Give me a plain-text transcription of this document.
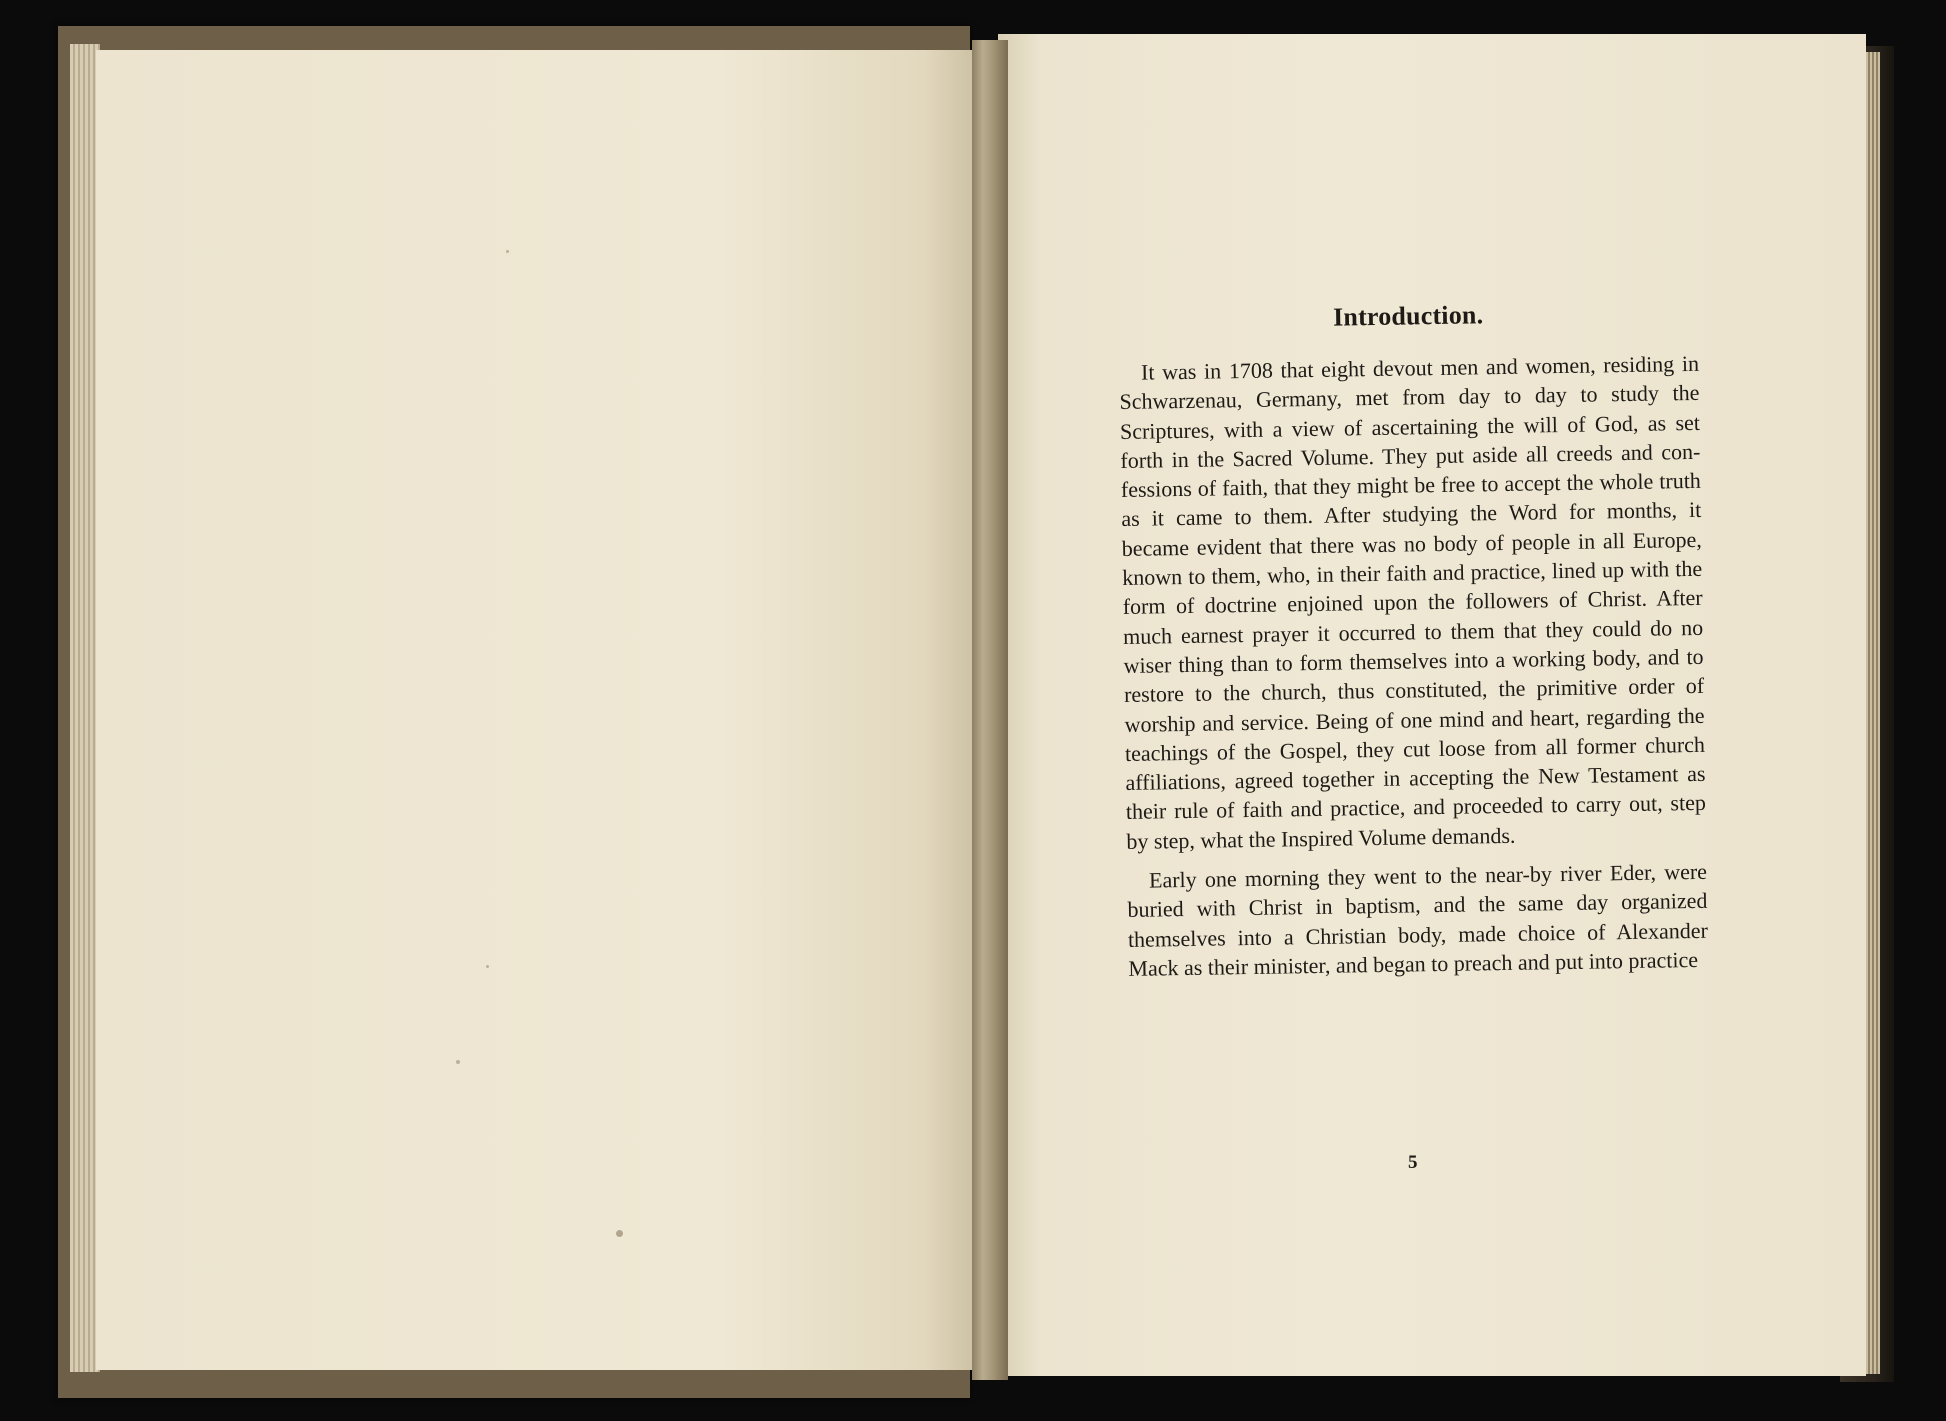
Introduction.

It was in 1708 that eight devout men and women, residing in Schwarzenau, Germany, met from day to day to study the Scriptures, with a view of ascertaining the will of God, as set forth in the Sacred Volume. They put aside all creeds and confessions of faith, that they might be free to accept the whole truth as it came to them. After studying the Word for months, it became evident that there was no body of people in all Europe, known to them, who, in their faith and practice, lined up with the form of doctrine enjoined upon the followers of Christ. After much earnest prayer it occurred to them that they could do no wiser thing than to form themselves into a working body, and to restore to the church, thus constituted, the primitive order of worship and service. Being of one mind and heart, regarding the teachings of the Gospel, they cut loose from all former church affiliations, agreed together in accepting the New Testament as their rule of faith and practice, and proceeded to carry out, step by step, what the Inspired Volume demands.

Early one morning they went to the near-by river Eder, were buried with Christ in baptism, and the same day organized themselves into a Christian body, made choice of Alexander Mack as their minister, and began to preach and put into practice

5
